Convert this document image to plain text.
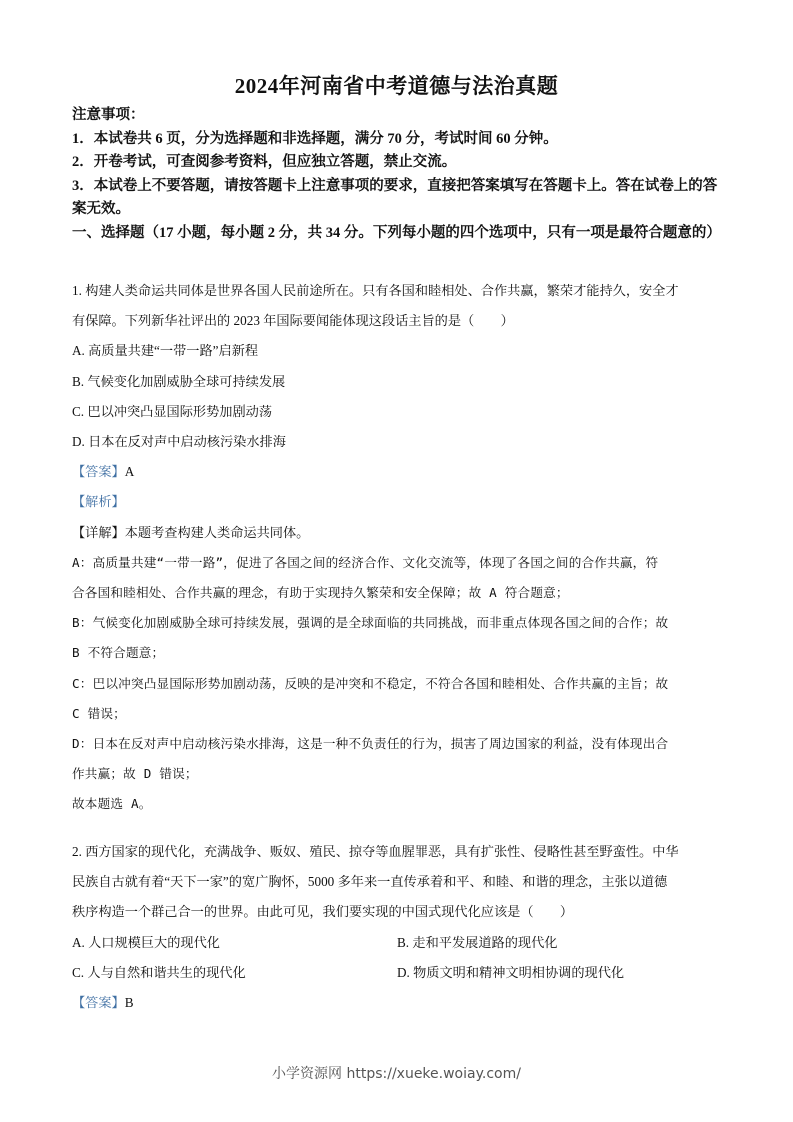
2024年河南省中考道德与法治真题
注意事项：
1．本试卷共 6 页，分为选择题和非选择题，满分 70 分，考试时间 60 分钟。
2．开卷考试，可查阅参考资料，但应独立答题，禁止交流。
3．本试卷上不要答题，请按答题卡上注意事项的要求，直接把答案填写在答题卡上。答在试卷上的答案无效。
一、选择题（17 小题，每小题 2 分，共 34 分。下列每小题的四个选项中，只有一项是最符合题意的）
1. 构建人类命运共同体是世界各国人民前途所在。只有各国和睦相处、合作共赢，繁荣才能持久，安全才
有保障。下列新华社评出的 2023 年国际要闻能体现这段话主旨的是（　　）
A. 高质量共建“一带一路”启新程
B. 气候变化加剧威胁全球可持续发展
C. 巴以冲突凸显国际形势加剧动荡
D. 日本在反对声中启动核污染水排海
【答案】A
【解析】
【详解】本题考查构建人类命运共同体。
A：高质量共建“一带一路”，促进了各国之间的经济合作、文化交流等，体现了各国之间的合作共赢，符
合各国和睦相处、合作共赢的理念，有助于实现持久繁荣和安全保障；故 A 符合题意；
B：气候变化加剧威胁全球可持续发展，强调的是全球面临的共同挑战，而非重点体现各国之间的合作；故
B 不符合题意；
C：巴以冲突凸显国际形势加剧动荡，反映的是冲突和不稳定，不符合各国和睦相处、合作共赢的主旨；故
C 错误；
D：日本在反对声中启动核污染水排海，这是一种不负责任的行为，损害了周边国家的利益，没有体现出合
作共赢；故 D 错误；
故本题选 A。
2. 西方国家的现代化，充满战争、贩奴、殖民、掠夺等血腥罪恶，具有扩张性、侵略性甚至野蛮性。中华
民族自古就有着“天下一家”的宽广胸怀，5000 多年来一直传承着和平、和睦、和谐的理念，主张以道德
秩序构造一个群己合一的世界。由此可见，我们要实现的中国式现代化应该是（　　）
A. 人口规模巨大的现代化	B. 走和平发展道路的现代化
C. 人与自然和谐共生的现代化	D. 物质文明和精神文明相协调的现代化
【答案】B
小学资源网 https://xueke.woiay.com/
